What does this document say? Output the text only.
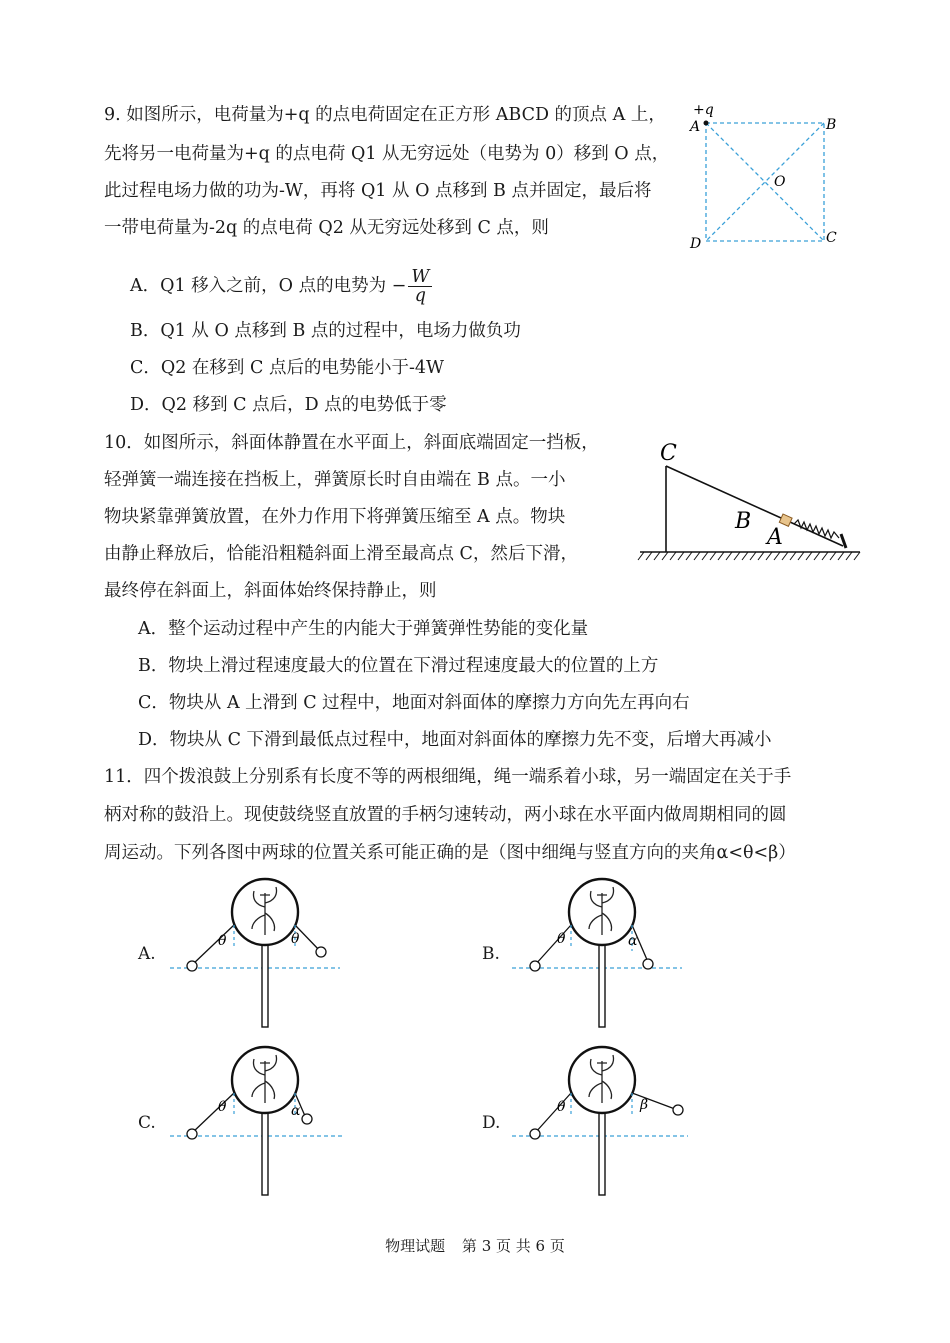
9. 如图所示，电荷量为+q 的点电荷固定在正方形 ABCD 的顶点 A 上，
先将另一电荷量为+q 的点电荷 Q1 从无穷远处（电势为 0）移到 O 点，
此过程电场力做的功为-W，再将 Q1 从 O 点移到 B 点并固定，最后将
一带电荷量为-2q 的点电荷 Q2 从无穷远处移到 C 点，则
A．Q1 移入之前，O 点的电势为 − $\frac{W}{q}$
B．Q1 从 O 点移到 B 点的过程中，电场力做负功
C．Q2 在移到 C 点后的电势能小于-4W
D．Q2 移到 C 点后，D 点的电势低于零
+q
A	B
C
D
O
10．如图所示，斜面体静置在水平面上，斜面底端固定一挡板，
轻弹簧一端连接在挡板上，弹簧原长时自由端在 B 点。一小
物块紧靠弹簧放置，在外力作用下将弹簧压缩至 A 点。物块
由静止释放后，恰能沿粗糙斜面上滑至最高点 C，然后下滑，
最终停在斜面上，斜面体始终保持静止，则
A．整个运动过程中产生的内能大于弹簧弹性势能的变化量
B．物块上滑过程速度最大的位置在下滑过程速度最大的位置的上方
C．物块从 A 上滑到 C 过程中，地面对斜面体的摩擦力方向先左再向右
D．物块从 C 下滑到最低点过程中，地面对斜面体的摩擦力先不变，后增大再减小
C
B
A
11．四个拨浪鼓上分别系有长度不等的两根细绳，绳一端系着小球，另一端固定在关于手
柄对称的鼓沿上。现使鼓绕竖直放置的手柄匀速转动，两小球在水平面内做周期相同的圆
周运动。下列各图中两球的位置关系可能正确的是（图中细绳与竖直方向的夹角α<θ<β）
A.
θ	θ
B.
θ	α
C.
θ	α
D.
θ	β
物理试题 第 3 页 共 6 页
